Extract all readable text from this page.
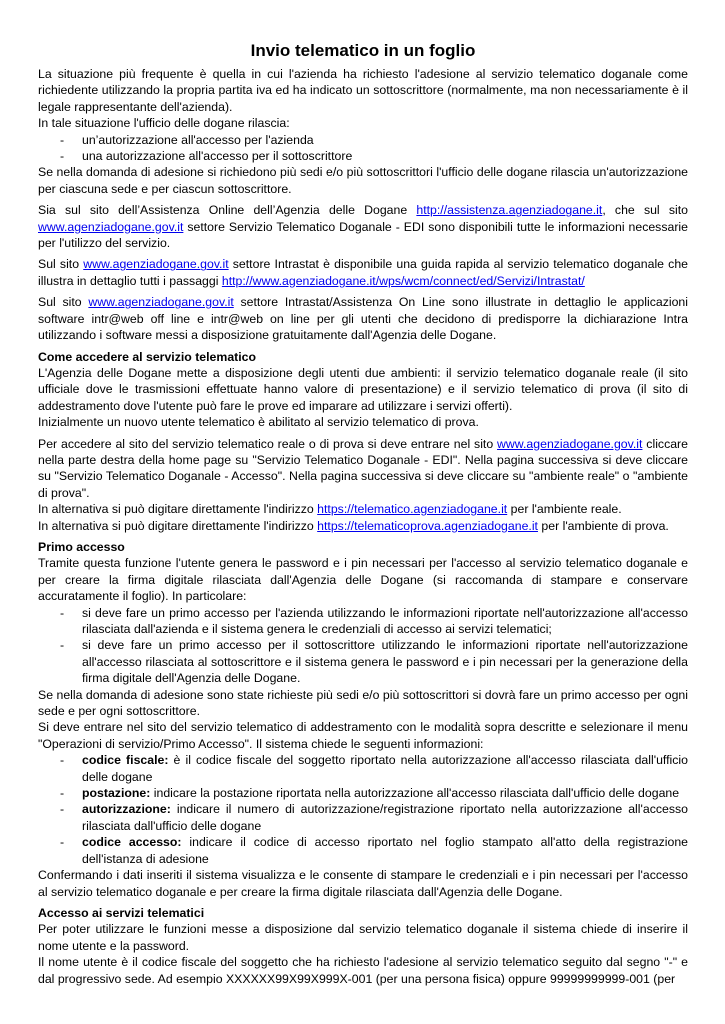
Invio telematico in un foglio

La situazione più frequente è quella in cui l'azienda ha richiesto l'adesione al servizio telematico doganale come richiedente utilizzando la propria partita iva ed ha indicato un sottoscrittore (normalmente, ma non necessariamente è il legale rappresentante dell'azienda).

In tale situazione l'ufficio delle dogane rilascia:

- un’autorizzazione all'accesso per l'azienda
- una autorizzazione all'accesso per il sottoscrittore

Se nella domanda di adesione si richiedono più sedi e/o più sottoscrittori l'ufficio delle dogane rilascia un'autorizzazione per ciascuna sede e per ciascun sottoscrittore.

Sia sul sito dell’Assistenza Online dell’Agenzia delle Dogane http://assistenza.agenziadogane.it, che sul sito www.agenziadogane.gov.it settore Servizio Telematico Doganale - EDI sono disponibili tutte le informazioni necessarie per l'utilizzo del servizio.

Sul sito www.agenziadogane.gov.it settore Intrastat è disponibile una guida rapida al servizio telematico doganale che illustra in dettaglio tutti i passaggi http://www.agenziadogane.it/wps/wcm/connect/ed/Servizi/Intrastat/

Sul sito www.agenziadogane.gov.it settore Intrastat/Assistenza On Line sono illustrate in dettaglio le applicazioni software intr@web off line e intr@web on line per gli utenti che decidono di predisporre la dichiarazione Intra utilizzando i software messi a disposizione gratuitamente dall'Agenzia delle Dogane.

Come accedere al servizio telematico

L'Agenzia delle Dogane mette a disposizione degli utenti due ambienti: il servizio telematico doganale reale (il sito ufficiale dove le trasmissioni effettuate hanno valore di presentazione) e il servizio telematico di prova (il sito di addestramento dove l'utente può fare le prove ed imparare ad utilizzare i servizi offerti).

Inizialmente un nuovo utente telematico è abilitato al servizio telematico di prova.

Per accedere al sito del servizio telematico reale o di prova si deve entrare nel sito www.agenziadogane.gov.it cliccare nella parte destra della home page su "Servizio Telematico Doganale - EDI". Nella pagina successiva si deve cliccare su "Servizio Telematico Doganale - Accesso". Nella pagina successiva si deve cliccare su "ambiente reale" o "ambiente di prova".

In alternativa si può digitare direttamente l'indirizzo https://telematico.agenziadogane.it per l'ambiente reale.

In alternativa si può digitare direttamente l'indirizzo https://telematicoprova.agenziadogane.it per l'ambiente di prova.

Primo accesso

Tramite questa funzione l'utente genera le password e i pin necessari per l'accesso al servizio telematico doganale e per creare la firma digitale rilasciata dall'Agenzia delle Dogane (si raccomanda di stampare e conservare accuratamente il foglio). In particolare:

- si deve fare un primo accesso per l'azienda utilizzando le informazioni riportate nell'autorizzazione all'accesso rilasciata dall'azienda e il sistema genera le credenziali di accesso ai servizi telematici;
- si deve fare un primo accesso per il sottoscrittore utilizzando le informazioni riportate nell'autorizzazione all'accesso rilasciata al sottoscrittore e il sistema genera le password e i pin necessari per la generazione della firma digitale dell'Agenzia delle Dogane.

Se nella domanda di adesione sono state richieste più sedi e/o più sottoscrittori si dovrà fare un primo accesso per ogni sede e per ogni sottoscrittore.

Si deve entrare nel sito del servizio telematico di addestramento con le modalità sopra descritte e selezionare il menu "Operazioni di servizio/Primo Accesso". Il sistema chiede le seguenti informazioni:

- codice fiscale: è il codice fiscale del soggetto riportato nella autorizzazione all'accesso rilasciata dall'ufficio delle dogane
- postazione: indicare la postazione riportata nella autorizzazione all'accesso rilasciata dall'ufficio delle dogane
- autorizzazione: indicare il numero di autorizzazione/registrazione riportato nella autorizzazione all'accesso rilasciata dall'ufficio delle dogane
- codice accesso: indicare il codice di accesso riportato nel foglio stampato all'atto della registrazione dell'istanza di adesione

Confermando i dati inseriti il sistema visualizza e le consente di stampare le credenziali e i pin necessari per l'accesso al servizio telematico doganale e per creare la firma digitale rilasciata dall'Agenzia delle Dogane.

Accesso ai servizi telematici

Per poter utilizzare le funzioni messe a disposizione dal servizio telematico doganale il sistema chiede di inserire il nome utente e la password.

Il nome utente è il codice fiscale del soggetto che ha richiesto l'adesione al servizio telematico seguito dal segno "-" e dal progressivo sede. Ad esempio XXXXXX99X99X999X-001 (per una persona fisica) oppure 99999999999-001 (per
